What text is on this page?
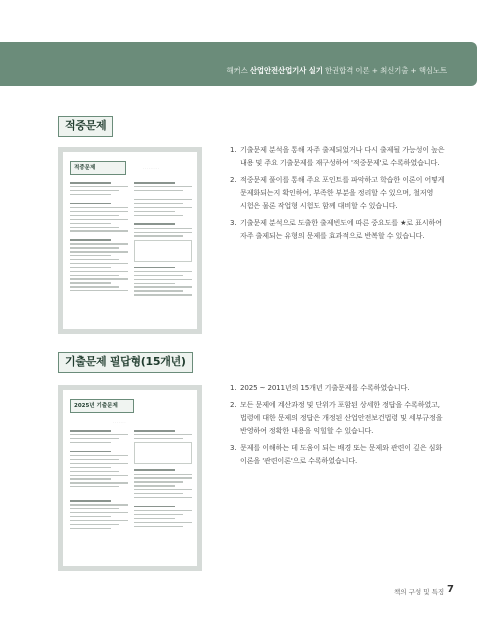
해커스 산업안전산업기사 실기 한권합격 이론 + 최신기출 + 핵심노트
적중문제
적중문제	· · · · · · · · ·
1. 기출문제 분석을 통해 자주 출제되었거나 다시 출제될 가능성이 높은
내용 및 주요 기출문제를 재구성하여 '적중문제'로 수록하였습니다.
2. 적중문제 풀이를 통해 주요 포인트를 파악하고 학습한 이론이 어떻게
문제화되는지 확인하여, 부족한 부분을 정리할 수 있으며, 철저영
시험은 물론 작업형 시험도 함께 대비할 수 있습니다.
3. 기출문제 분석으로 도출한 출제빈도에 따른 중요도를 ★로 표시하여
자주 출제되는 유형의 문제를 효과적으로 반복할 수 있습니다.
기출문제 필답형(15개년)
2025년 기출문제
· · · · · · ·
1. 2025 ~ 2011년의 15개년 기출문제를 수록하였습니다.
2. 모든 문제에 계산과정 및 단위가 포함된 상세한 정답을 수록하였고,
법령에 대한 문제의 정답은 개정된 산업안전보건법령 및 세부규정을
반영하여 정확한 내용을 익힐할 수 있습니다.
3. 문제를 이해하는 데 도움이 되는 배경 또는 문제와 관련이 깊은 심화
이론을 '관련이론'으로 수록하였습니다.
책의 구성 및 특징 7
